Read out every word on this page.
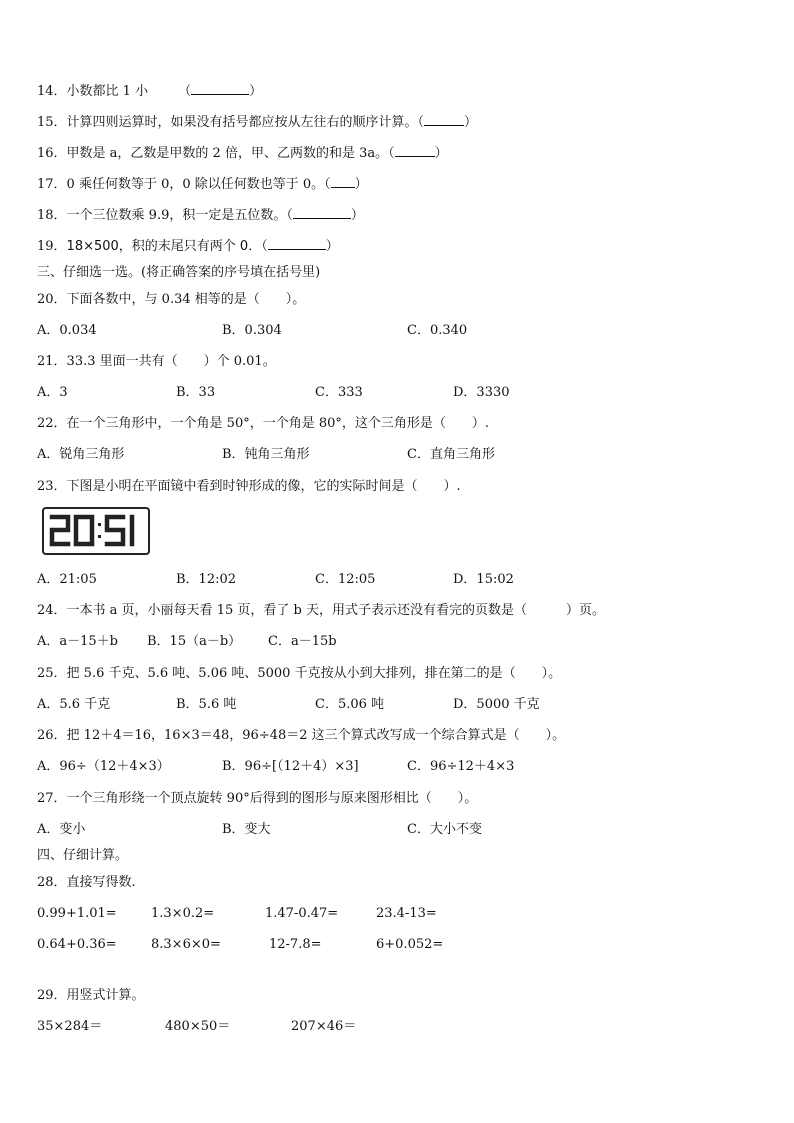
14．小数都比 1 小 （	）
15．计算四则运算时，如果没有括号都应按从左往右的顺序计算。（	）
16．甲数是 a，乙数是甲数的 2 倍，甲、乙两数的和是 3a。（	）
17．0 乘任何数等于 0，0 除以任何数也等于 0。（ ）
18．一个三位数乘 9.9，积一定是五位数。（	）
19．18×500，积的末尾只有两个 0．（	）
三、仔细选一选。(将正确答案的序号填在括号里)
20．下面各数中，与 0.34 相等的是（　　）。
A．0.034	B．0.304	C．0.340
21．33.3 里面一共有（　　）个 0.01。
A．3	B．33	C．333	D．3330
22．在一个三角形中，一个角是 50°，一个角是 80°，这个三角形是（　　）.
A．锐角三角形	B．钝角三角形	C．直角三角形
23．下图是小明在平面镜中看到时钟形成的像，它的实际时间是（　　）.
A．21:05	B．12:02	C．12:05	D．15:02
24．一本书 a 页，小丽每天看 15 页，看了 b 天，用式子表示还没有看完的页数是（　　　）页。
A．a－15＋b B．15（a－b） C．a－15b
25．把 5.6 千克、5.6 吨、5.06 吨、5000 千克按从小到大排列，排在第二的是（　　）。
A．5.6 千克	B．5.6 吨	C．5.06 吨	D．5000 千克
26．把 12＋4＝16，16×3＝48，96÷48＝2 这三个算式改写成一个综合算式是（　　）。
A．96÷（12＋4×3）	B．96÷[（12＋4）×3]	C．96÷12＋4×3
27．一个三角形绕一个顶点旋转 90°后得到的图形与原来图形相比（　　）。
A．变小	B．变大	C．大小不变
四、仔细计算。
28．直接写得数.
0.99+1.01=	1.3×0.2=	1.47-0.47=	23.4-13=
0.64+0.36=	8.3×6×0=	12-7.8=	6+0.052=
29．用竖式计算。
35×284＝	480×50＝	207×46＝
